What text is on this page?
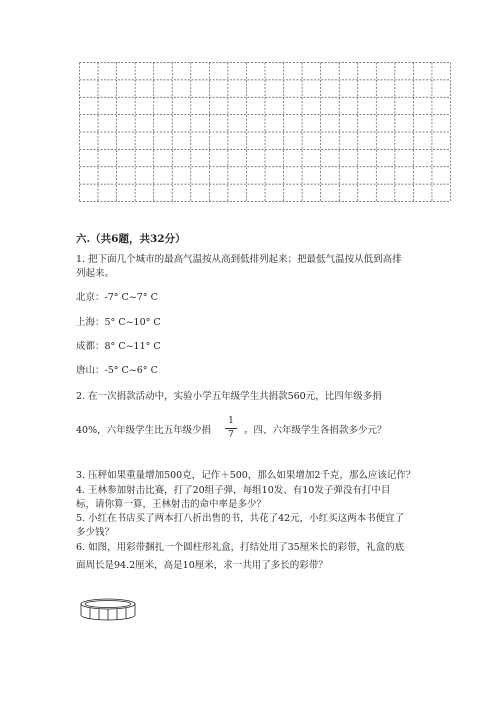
六.（共6题，共32分）
1. 把下面几个城市的最高气温按从高到低排列起来；把最低气温按从低到高排
列起来。
北京：-7° C~7° C
上海：5° C~10° C
成都：8° C~11° C
唐山：-5° C~6° C
2. 在一次捐款活动中，实验小学五年级学生共捐款560元，比四年级多捐
40%，六年级学生比五年级少捐
1
7	。四、六年级学生各捐款多少元？
3. 压秤如果重量增加500克，记作＋500，那么如果增加2千克，那么应该记作？
4. 王林参加射击比赛，打了20组子弹，每组10发、有10发子弹没有打中目
标，请你算一算，王林射击的命中率是多少？
5. 小红在书店买了两本打八折出售的书，共花了42元，小红买这两本书便宜了
多少钱？
6. 如图，用彩带捆扎一个圆柱形礼盒，打结处用了35厘米长的彩带，礼盒的底
面周长是94.2厘米，高是10厘米，求一共用了多长的彩带？
